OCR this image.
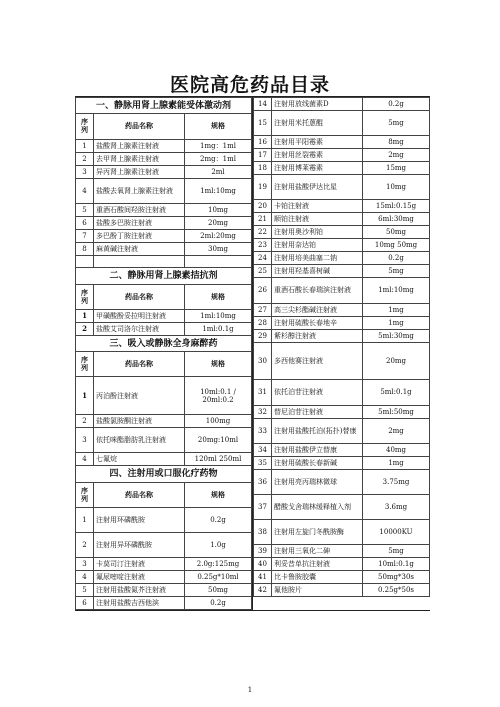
医院高危药品目录
一、静脉用肾上腺素能受体激动剂		
序列	药品名称	规格
1	盐酸肾上腺素注射液	1mg：1ml
2	去甲肾上腺素注射液	2mg：1ml
3	异丙肾上腺素注射液	2ml
4	盐酸去氧肾上腺素注射液	1ml:10mg
5	重酒石酸间羟胺注射液	10mg
6	盐酸多巴胺注射液	20mg
7	多巴酚丁胺注射液	2ml:20mg
8	麻黄碱注射液	30mg

二、静脉用肾上腺素拮抗剂		
序列	药品名称	规格
1	甲磺酸酚妥拉明注射液	1ml:10mg
2	盐酸艾司洛尔注射液	1ml:0.1g
三、吸入或静脉全身麻醉药		
序列	药品名称	规格
1	丙泊酚注射液	10ml:0.1 / 20ml:0.2
2	盐酸氯胺酮注射液	100mg
3	依托咪酯脂肪乳注射液	20mg:10ml
4	七氟烷	120ml 250ml
四、注射用或口服化疗药物		
序列	药品名称	规格
1	注射用环磷酰胺	0.2g
2	注射用异环磷酰胺	1.0g
3	卡莫司汀注射液	2.0g:125mg
4	氟尿嘧啶注射液	0.25g*10ml
5	注射用盐酸氮芥注射液	50mg
6	注射用盐酸吉西他滨	0.2g
14	注射用放线菌素D	0.2g
15	注射用米托蒽醌	5mg
16	注射用平阳霉素	8mg
17	注射用丝裂霉素	2mg
18	注射用博莱霉素	15mg
19	注射用盐酸伊达比星	10mg
20	卡铂注射液	15ml:0.15g
21	顺铂注射液	6ml:30mg
22	注射用奥沙利铂	50mg
23	注射用奈达铂	10mg 50mg
24	注射用培美曲塞二钠	0.2g
25	注射用羟基喜树碱	5mg
26	重酒石酸长春瑞滨注射液	1ml:10mg
27	高三尖杉酯碱注射液	1mg
28	注射用硫酸长春地辛	1mg
29	紫杉醇注射液	5ml:30mg
30	多西他赛注射液	20mg
31	依托泊苷注射液	5ml:0.1g
32	替尼泊苷注射液	5ml:50mg
33	注射用盐酸托泊(拓扑)替康	2mg
34	注射用盐酸伊立替康	40mg
35	注射用硫酸长春新碱	1mg
36	注射用亮丙瑞林微球	3.75mg
37	醋酸戈舍瑞林缓释植入剂	3.6mg
38	注射用左旋门冬酰胺酶	10000KU
39	注射用三氧化二砷	5mg
40	利妥昔单抗注射液	10ml:0.1g
41	比卡鲁胺胶囊	50mg*30s
42	氟他胺片	0.25g*50s
1
